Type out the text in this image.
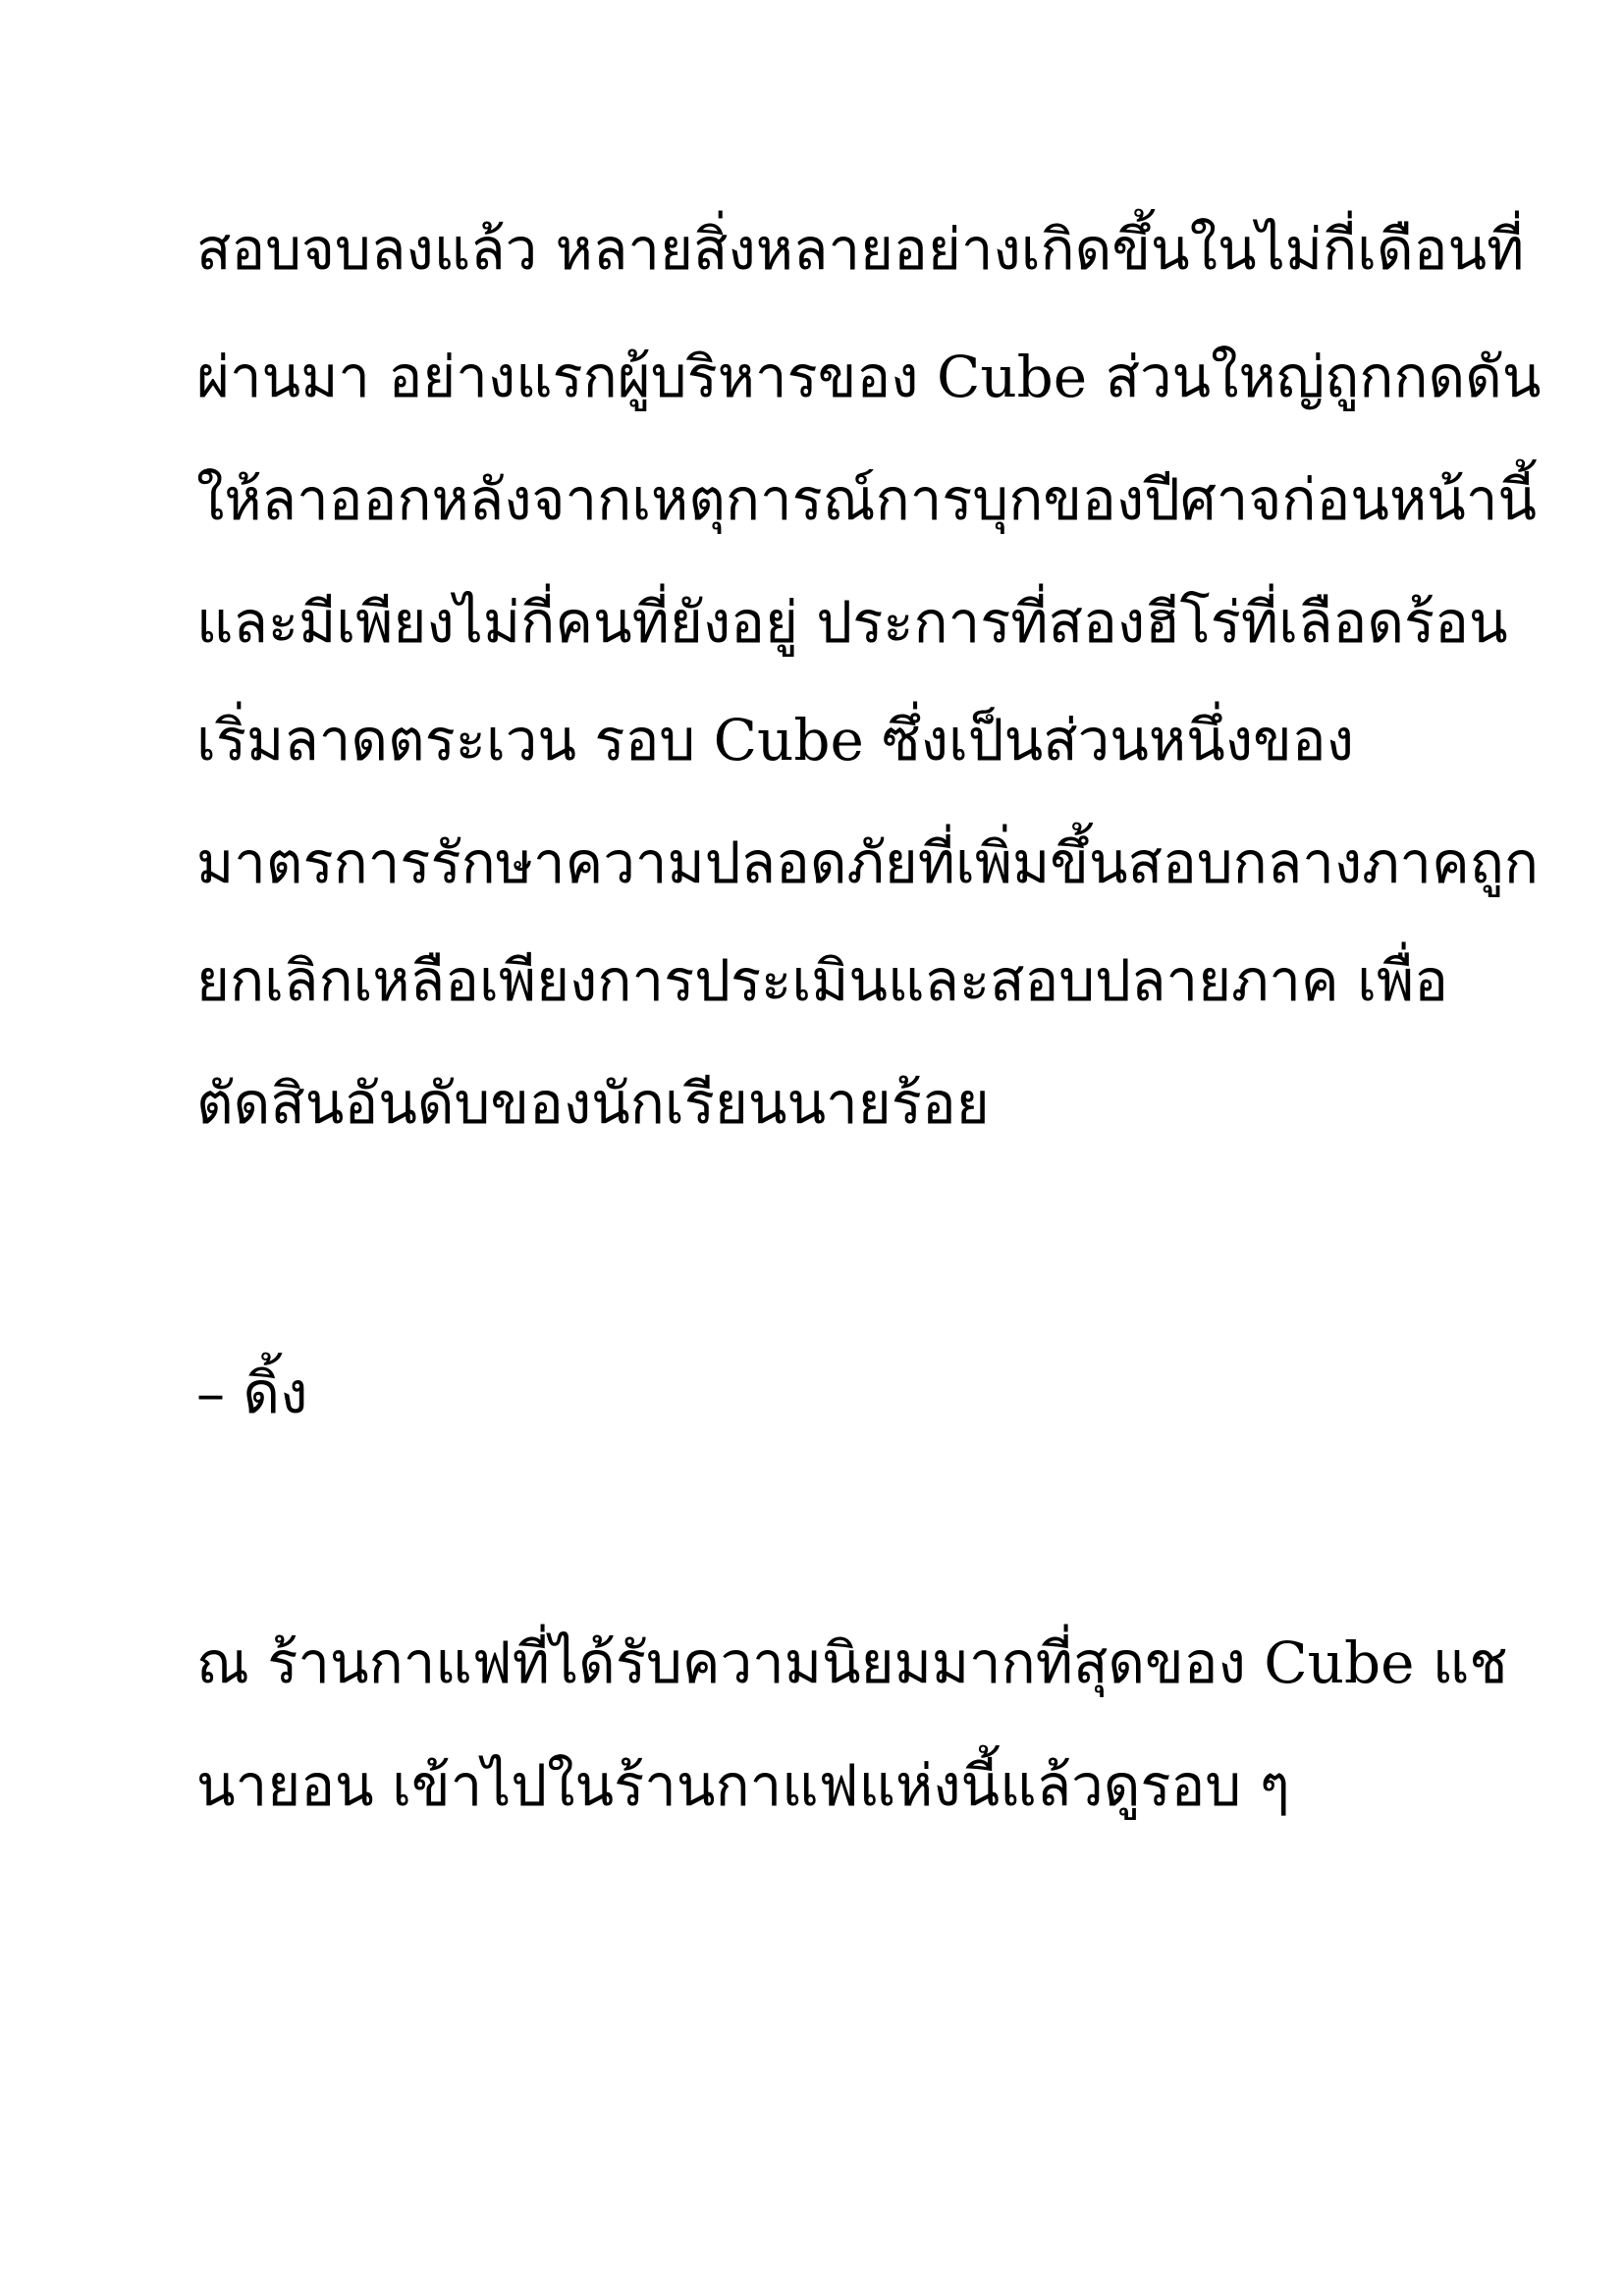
สอบจบลงแล้ว หลายสิ่งหลายอย่างเกิดขึ้นในไม่กี่เดือนที่
ผ่านมา อย่างแรกผู้บริหารของ Cube ส่วนใหญ่ถูกกดดัน
ให้ลาออกหลังจากเหตุการณ์การบุกของปีศาจก่อนหน้านี้
และมีเพียงไม่กี่คนที่ยังอยู่ ประการที่สองฮีโร่ที่เลือดร้อน
เริ่มลาดตระเวน รอบ Cube ซึ่งเป็นส่วนหนึ่งของ
มาตรการรักษาความปลอดภัยที่เพิ่มขึ้นสอบกลางภาคถูก
ยกเลิกเหลือเพียงการประเมินและสอบปลายภาค เพื่อ
ตัดสินอันดับของนักเรียนนายร้อย
– ดิ้ง
ณ ร้านกาแฟที่ได้รับความนิยมมากที่สุดของ Cube แช
นายอน เข้าไปในร้านกาแฟแห่งนี้แล้วดูรอบ ๆ
